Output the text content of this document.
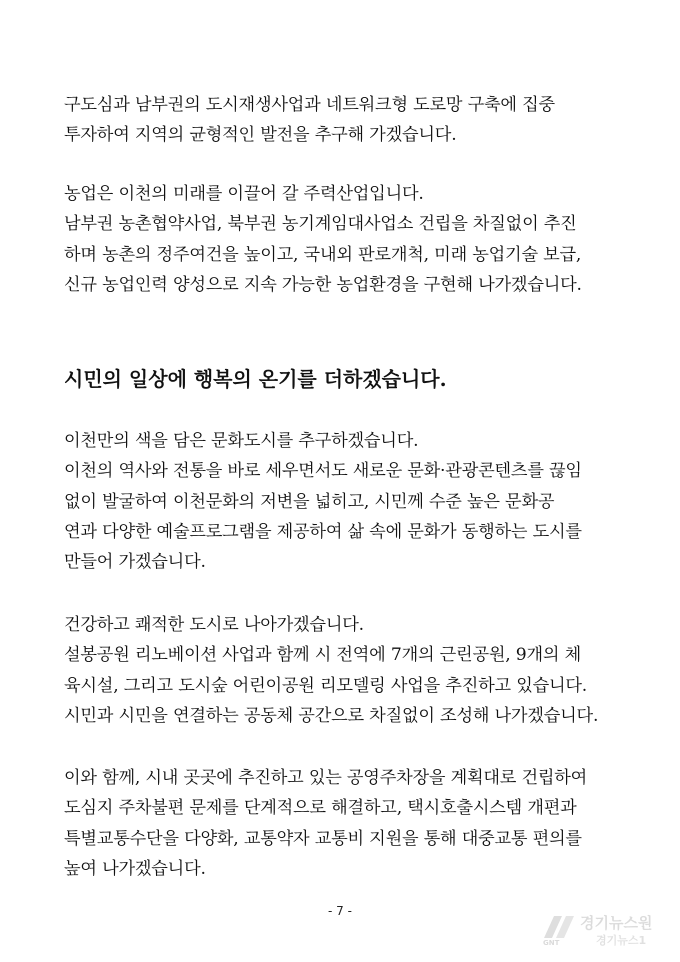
구도심과 남부권의 도시재생사업과 네트워크형 도로망 구축에 집중
투자하여 지역의 균형적인 발전을 추구해 가겠습니다.
농업은 이천의 미래를 이끌어 갈 주력산업입니다.
남부권 농촌협약사업, 북부권 농기계임대사업소 건립을 차질없이 추진
하며 농촌의 정주여건을 높이고, 국내외 판로개척, 미래 농업기술 보급,
신규 농업인력 양성으로 지속 가능한 농업환경을 구현해 나가겠습니다.
시민의 일상에 행복의 온기를 더하겠습니다.
이천만의 색을 담은 문화도시를 추구하겠습니다.
이천의 역사와 전통을 바로 세우면서도 새로운 문화·관광콘텐츠를 끊임
없이 발굴하여 이천문화의 저변을 넓히고, 시민께 수준 높은 문화공
연과 다양한 예술프로그램을 제공하여 삶 속에 문화가 동행하는 도시를
만들어 가겠습니다.
건강하고 쾌적한 도시로 나아가겠습니다.
설봉공원 리노베이션 사업과 함께 시 전역에 7개의 근린공원, 9개의 체
육시설, 그리고 도시숲 어린이공원 리모델링 사업을 추진하고 있습니다.
시민과 시민을 연결하는 공동체 공간으로 차질없이 조성해 나가겠습니다.
이와 함께, 시내 곳곳에 추진하고 있는 공영주차장을 계획대로 건립하여
도심지 주차불편 문제를 단계적으로 해결하고, 택시호출시스템 개편과
특별교통수단을 다양화, 교통약자 교통비 지원을 통해 대중교통 편의를
높여 나가겠습니다.
- 7 -
GNT
경기뉴스원
경기뉴스1
